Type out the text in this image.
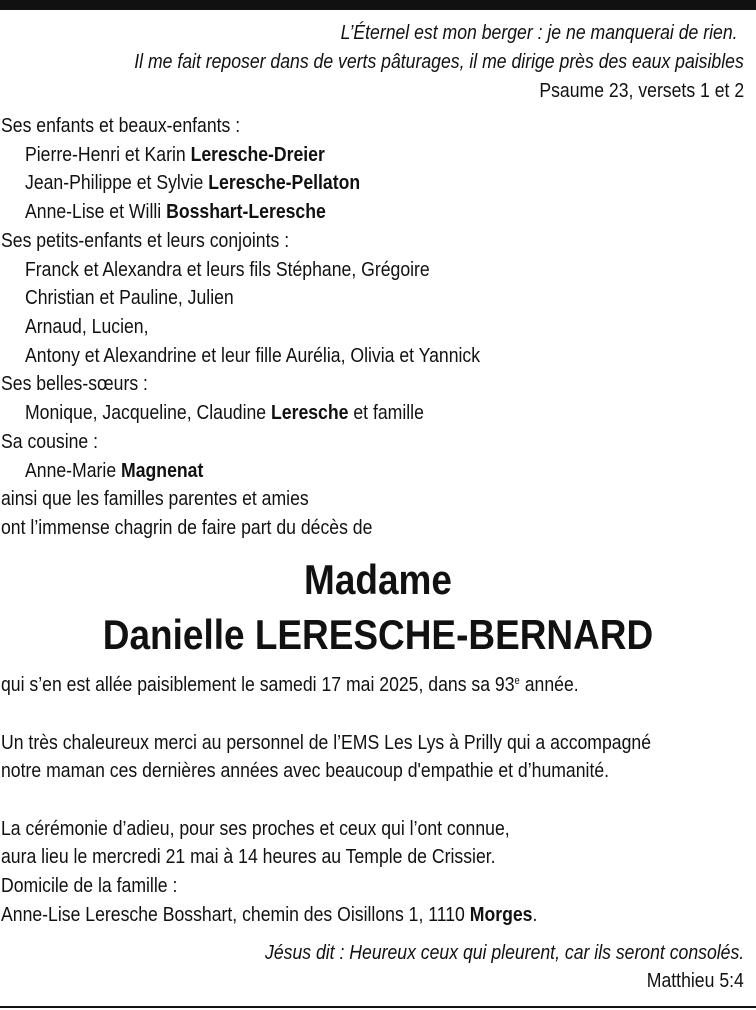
L’Éternel est mon berger : je ne manquerai de rien.
Il me fait reposer dans de verts pâturages, il me dirige près des eaux paisibles
Psaume 23, versets 1 et 2
Ses enfants et beaux-enfants :
Pierre-Henri et Karin Leresche-Dreier
Jean-Philippe et Sylvie Leresche-Pellaton
Anne-Lise et Willi Bosshart-Leresche
Ses petits-enfants et leurs conjoints :
Franck et Alexandra et leurs fils Stéphane, Grégoire
Christian et Pauline, Julien
Arnaud, Lucien,
Antony et Alexandrine et leur fille Aurélia, Olivia et Yannick
Ses belles-sœurs :
Monique, Jacqueline, Claudine Leresche et famille
Sa cousine :
Anne-Marie Magnenat
ainsi que les familles parentes et amies
ont l’immense chagrin de faire part du décès de
Madame
Danielle LERESCHE-BERNARD
qui s’en est allée paisiblement le samedi 17 mai 2025, dans sa 93e année.
Un très chaleureux merci au personnel de l’EMS Les Lys à Prilly qui a accompagné
notre maman ces dernières années avec beaucoup d'empathie et d’humanité.
La cérémonie d’adieu, pour ses proches et ceux qui l’ont connue,
aura lieu le mercredi 21 mai à 14 heures au Temple de Crissier.
Domicile de la famille :
Anne-Lise Leresche Bosshart, chemin des Oisillons 1, 1110 Morges.
Jésus dit : Heureux ceux qui pleurent, car ils seront consolés.
Matthieu 5:4
